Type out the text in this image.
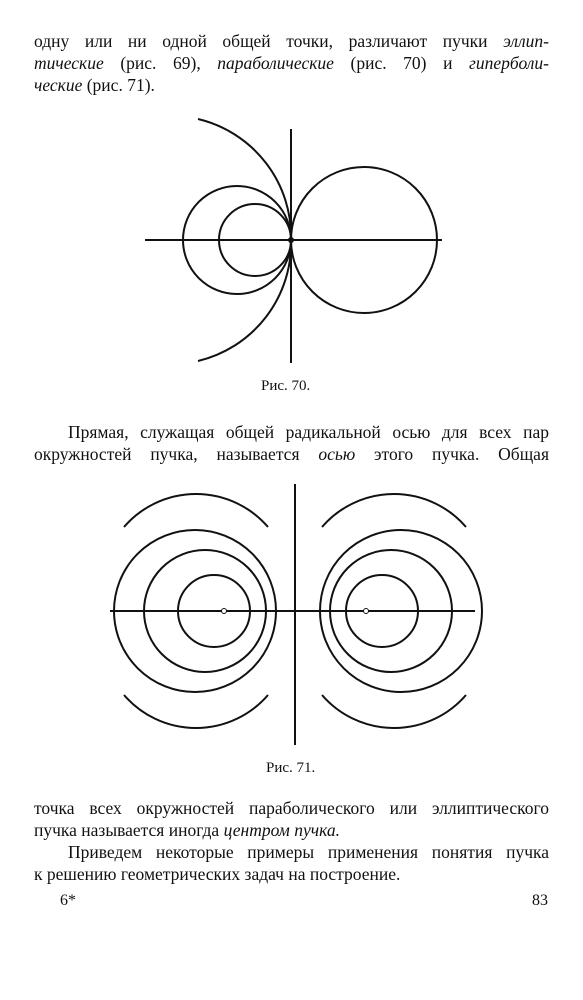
одну или ни одной общей точки, различают пучки эллип-
тические (рис. 69), параболические (рис. 70) и гиперболи-
ческие (рис. 71).
Рис. 70.
Прямая, служащая общей радикальной осью для всех пар
окружностей пучка, называется осью этого пучка. Общая
Рис. 71.
точка всех окружностей параболического или эллиптического
пучка называется иногда центром пучка.
Приведем некоторые примеры применения понятия пучка
к решению геометрических задач на построение.
6*	83
